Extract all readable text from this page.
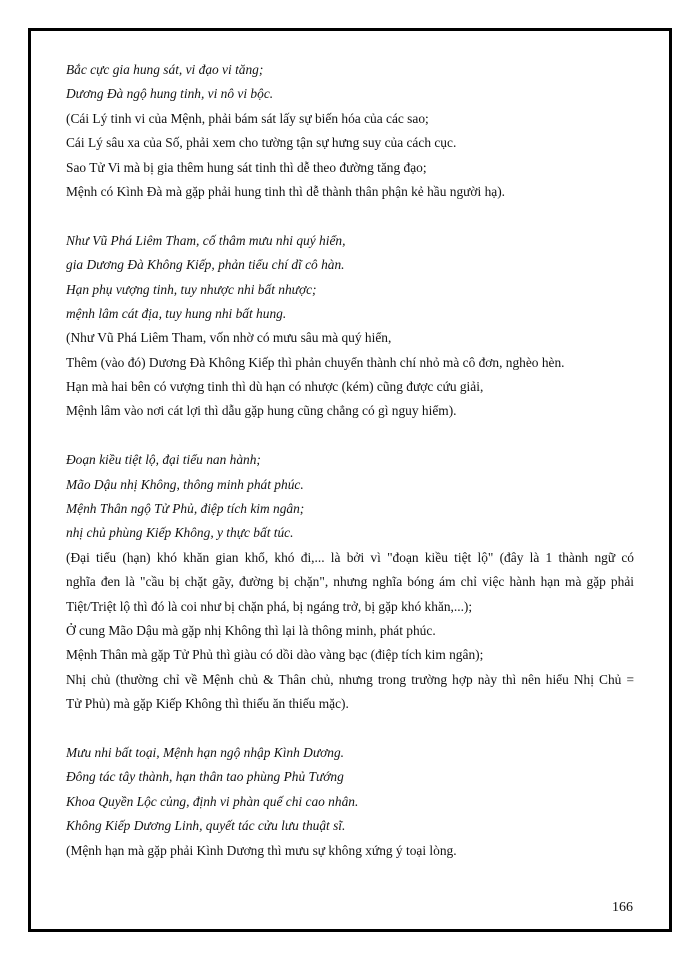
Bắc cực gia hung sát, vi đạo vi tăng;
Dương Đà ngộ hung tinh, vi nô vi bộc.
(Cái Lý tinh vi của Mệnh, phải bám sát lấy sự biến hóa của các sao;
Cái Lý sâu xa của Số, phải xem cho tường tận sự hưng suy của cách cục.
Sao Tử Vi mà bị gia thêm hung sát tinh thì dễ theo đường tăng đạo;
Mệnh có Kình Đà mà gặp phải hung tinh thì dễ thành thân phận kẻ hầu người hạ).
Như Vũ Phá Liêm Tham, cố thâm mưu nhi quý hiển,
gia Dương Đà Không Kiếp, phản tiểu chí dĩ cô hàn.
Hạn phụ vượng tinh, tuy nhược nhi bất nhược;
mệnh lâm cát địa, tuy hung nhi bất hung.
(Như Vũ Phá Liêm Tham, vốn nhờ có mưu sâu mà quý hiển,
Thêm (vào đó) Dương Đà Không Kiếp thì phản chuyển thành chí nhỏ mà cô đơn, nghèo hèn.
Hạn mà hai bên có vượng tinh thì dù hạn có nhược (kém) cũng được cứu giải,
Mệnh lâm vào nơi cát lợi thì dẫu gặp hung cũng chẳng có gì nguy hiểm).
Đoạn kiều tiệt lộ, đại tiểu nan hành;
Mão Dậu nhị Không, thông minh phát phúc.
Mệnh Thân ngộ Tử Phủ, điệp tích kim ngân;
nhị chủ phùng Kiếp Không, y thực bất túc.
(Đại tiểu (hạn) khó khăn gian khổ, khó đi,... là bởi vì "đoạn kiều tiệt lộ" (đây là 1 thành ngữ có
nghĩa đen là "cầu bị chặt gãy, đường bị chặn", nhưng nghĩa bóng ám chỉ việc hành hạn mà gặp phải
Tiệt/Triệt lộ thì đó là coi như bị chặn phá, bị ngáng trở, bị gặp khó khăn,...);
Ở cung Mão Dậu mà gặp nhị Không thì lại là thông minh, phát phúc.
Mệnh Thân mà gặp Tử Phủ thì giàu có dồi dào vàng bạc (điệp tích kim ngân);
Nhị chủ (thường chỉ về Mệnh chủ & Thân chủ, nhưng trong trường hợp này thì nên hiểu Nhị Chủ =
Tử Phủ) mà gặp Kiếp Không thì thiếu ăn thiếu mặc).
Mưu nhi bất toại, Mệnh hạn ngộ nhập Kình Dương.
Đông tác tây thành, hạn thân tao phùng Phủ Tướng
Khoa Quyền Lộc củng, định vi phàn quế chi cao nhân.
Không Kiếp Dương Linh, quyết tác cửu lưu thuật sĩ.
(Mệnh hạn mà gặp phải Kình Dương thì mưu sự không xứng ý toại lòng.
166
